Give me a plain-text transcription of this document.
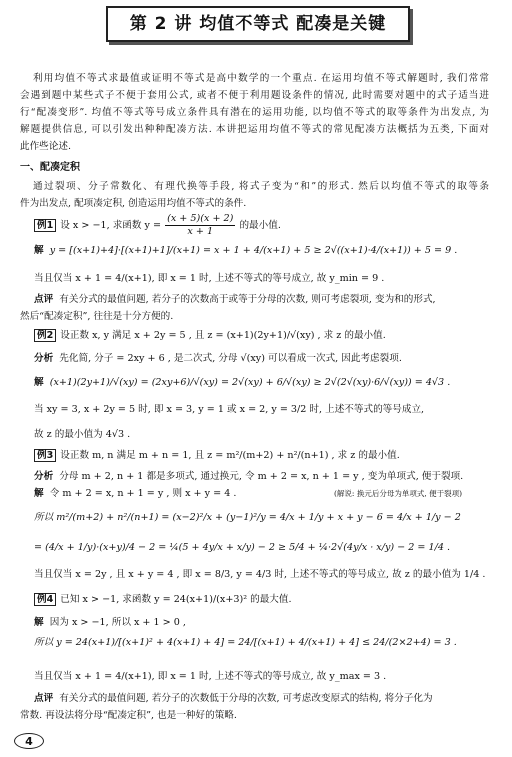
第 2 讲 均值不等式 配凑是关键
利用均值不等式求最值或证明不等式是高中数学的一个重点. 在运用均值不等式解题时, 我们常常
会遇到题中某些式子不便于套用公式, 或者不便于利用题设条件的情况, 此时需要对题中的式子适当进
行“配凑变形”. 均值不等式等号成立条件具有潜在的运用功能, 以均值不等式的取等条件为出发点, 为
解题提供信息, 可以引发出种种配凑方法. 本讲把运用均值不等式的常见配凑方法概括为五类, 下面对
此作些论述.
一、配凑定积
通过裂项、分子常数化、有理代换等手段, 将式子变为“和”的形式. 然后以均值不等式的取等条
件为出发点, 配项凑定积, 创造运用均值不等式的条件.
例1 设 x > −1, 求函数 $y = \frac{(x + 5)(x + 2)}{x + 1}$ 的最小值.
解 y = [(x+1)+4]·[(x+1)+1]/(x+1) = x + 1 + 4/(x+1) + 5 ≥ 2√((x+1)·4/(x+1)) + 5 = 9 .
当且仅当 x + 1 = 4/(x+1), 即 x = 1 时, 上述不等式的等号成立, 故 y_min = 9 .
点评 有关分式的最值问题, 若分子的次数高于或等于分母的次数, 则可考虑裂项, 变为和的形式,
然后“配凑定积”, 往往是十分方便的.
例2 设正数 x, y 满足 x + 2y = 5 , 且 z = (x+1)(2y+1)/√(xy) , 求 z 的最小值.
分析 先化简, 分子 = 2xy + 6 , 是二次式, 分母 √(xy) 可以看成一次式, 因此考虑裂项.
解 (x+1)(2y+1)/√(xy) = (2xy+6)/√(xy) = 2√(xy) + 6/√(xy) ≥ 2√(2√(xy)·6/√(xy)) = 4√3 .
当 xy = 3, x + 2y = 5 时, 即 x = 3, y = 1 或 x = 2, y = 3/2 时, 上述不等式的等号成立,
故 z 的最小值为 4√3 .
例3 设正数 m, n 满足 m + n = 1, 且 z = m²/(m+2) + n²/(n+1) , 求 z 的最小值.
分析 分母 m + 2, n + 1 都是多项式, 通过换元, 令 m + 2 = x, n + 1 = y , 变为单项式, 便于裂项.
解 令 m + 2 = x, n + 1 = y , 则 x + y = 4 .	(解说: 换元后分母为单项式, 便于裂项)
所以 m²/(m+2) + n²/(n+1) = (x−2)²/x + (y−1)²/y = 4/x + 1/y + x + y − 6 = 4/x + 1/y − 2
= (4/x + 1/y)·(x+y)/4 − 2 = ¼(5 + 4y/x + x/y) − 2 ≥ 5/4 + ¼·2√(4y/x · x/y) − 2 = 1/4 .
当且仅当 x = 2y , 且 x + y = 4 , 即 x = 8/3, y = 4/3 时, 上述不等式的等号成立, 故 z 的最小值为 1/4 .
例4 已知 x > −1, 求函数 y = 24(x+1)/(x+3)² 的最大值.
解 因为 x > −1, 所以 x + 1 > 0 ,
所以 y = 24(x+1)/[(x+1)² + 4(x+1) + 4] = 24/[(x+1) + 4/(x+1) + 4] ≤ 24/(2×2+4) = 3 .
当且仅当 x + 1 = 4/(x+1), 即 x = 1 时, 上述不等式的等号成立, 故 y_max = 3 .
点评 有关分式的最值问题, 若分子的次数低于分母的次数, 可考虑改变原式的结构, 将分子化为
常数. 再设法将分母“配凑定积”, 也是一种好的策略.
4
